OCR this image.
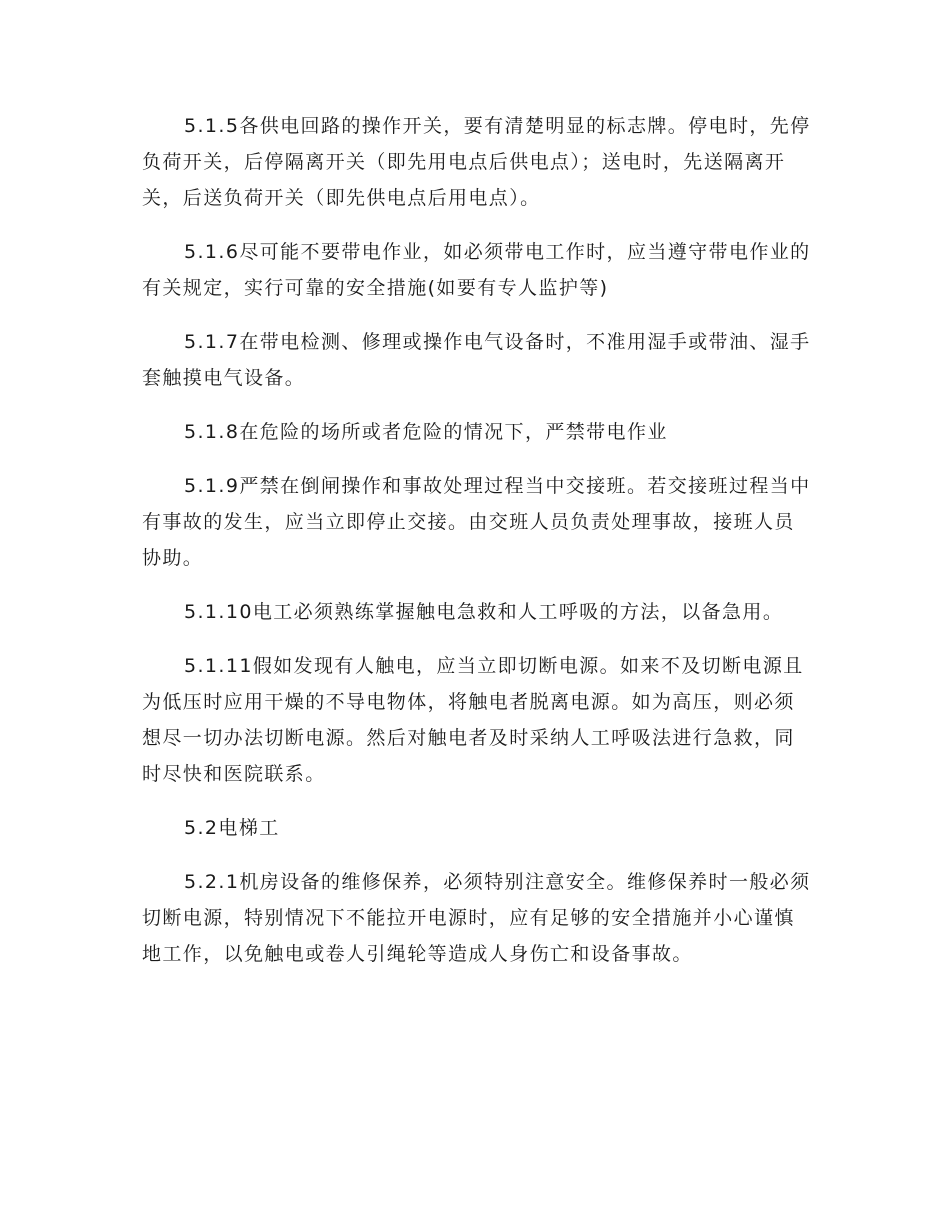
5.1.5各供电回路的操作开关，要有清楚明显的标志牌。停电时，先停负荷开关，后停隔离开关（即先用电点后供电点）；送电时，先送隔离开关，后送负荷开关（即先供电点后用电点）。

5.1.6尽可能不要带电作业，如必须带电工作时，应当遵守带电作业的有关规定，实行可靠的安全措施(如要有专人监护等)

5.1.7在带电检测、修理或操作电气设备时，不准用湿手或带油、湿手套触摸电气设备。

5.1.8在危险的场所或者危险的情况下，严禁带电作业

5.1.9严禁在倒闸操作和事故处理过程当中交接班。若交接班过程当中有事故的发生，应当立即停止交接。由交班人员负责处理事故，接班人员协助。

5.1.10电工必须熟练掌握触电急救和人工呼吸的方法，以备急用。

5.1.11假如发现有人触电，应当立即切断电源。如来不及切断电源且为低压时应用干燥的不导电物体，将触电者脱离电源。如为高压，则必须想尽一切办法切断电源。然后对触电者及时采纳人工呼吸法进行急救，同时尽快和医院联系。

5.2电梯工

5.2.1机房设备的维修保养，必须特别注意安全。维修保养时一般必须切断电源，特别情况下不能拉开电源时，应有足够的安全措施并小心谨慎地工作，以免触电或卷人引绳轮等造成人身伤亡和设备事故。
